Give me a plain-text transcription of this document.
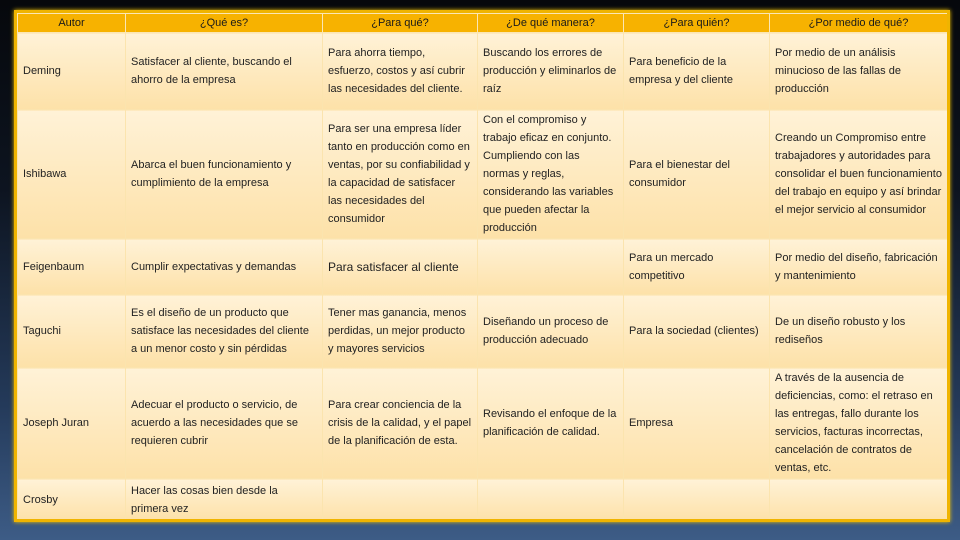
Autor	¿Qué es?	¿Para qué?	¿De qué manera?	¿Para quién?	¿Por medio de qué?
Deming	Satisfacer al cliente, buscando el ahorro de la empresa	Para ahorra tiempo, esfuerzo, costos y así cubrir las necesidades del cliente.	Buscando los errores de producción y eliminarlos de raíz	Para beneficio de la empresa y del cliente	Por medio de un análisis minucioso de las fallas de producción
Ishibawa	Abarca el buen funcionamiento y cumplimiento de la empresa	Para ser una empresa líder tanto en producción como en ventas, por su confiabilidad y la capacidad de satisfacer las necesidades del consumidor	Con el compromiso y trabajo eficaz en conjunto. Cumpliendo con las normas y reglas, considerando las variables que pueden afectar la producción	Para el bienestar del consumidor	Creando un Compromiso entre trabajadores y autoridades para consolidar el buen funcionamiento del trabajo en equipo y así brindar el mejor servicio al consumidor
Feigenbaum	Cumplir expectativas y demandas	Para satisfacer al cliente		Para un mercado competitivo	Por medio del diseño, fabricación y mantenimiento
Taguchi	Es el diseño de un producto que satisface las necesidades del cliente a un menor costo y sin pérdidas	Tener mas ganancia, menos perdidas, un mejor producto y mayores servicios	Diseñando un proceso de producción adecuado	Para la sociedad (clientes)	De un diseño robusto y los rediseños
Joseph Juran	Adecuar el producto o servicio, de acuerdo a las necesidades que se requieren cubrir	Para crear conciencia de la crisis de la calidad, y el papel de la planificación de esta.	Revisando el enfoque de la planificación de calidad.	Empresa	A través de la ausencia de deficiencias, como: el retraso en las entregas, fallo durante los servicios, facturas incorrectas, cancelación de contratos de ventas, etc.
Crosby	Hacer las cosas bien desde la primera vez				
